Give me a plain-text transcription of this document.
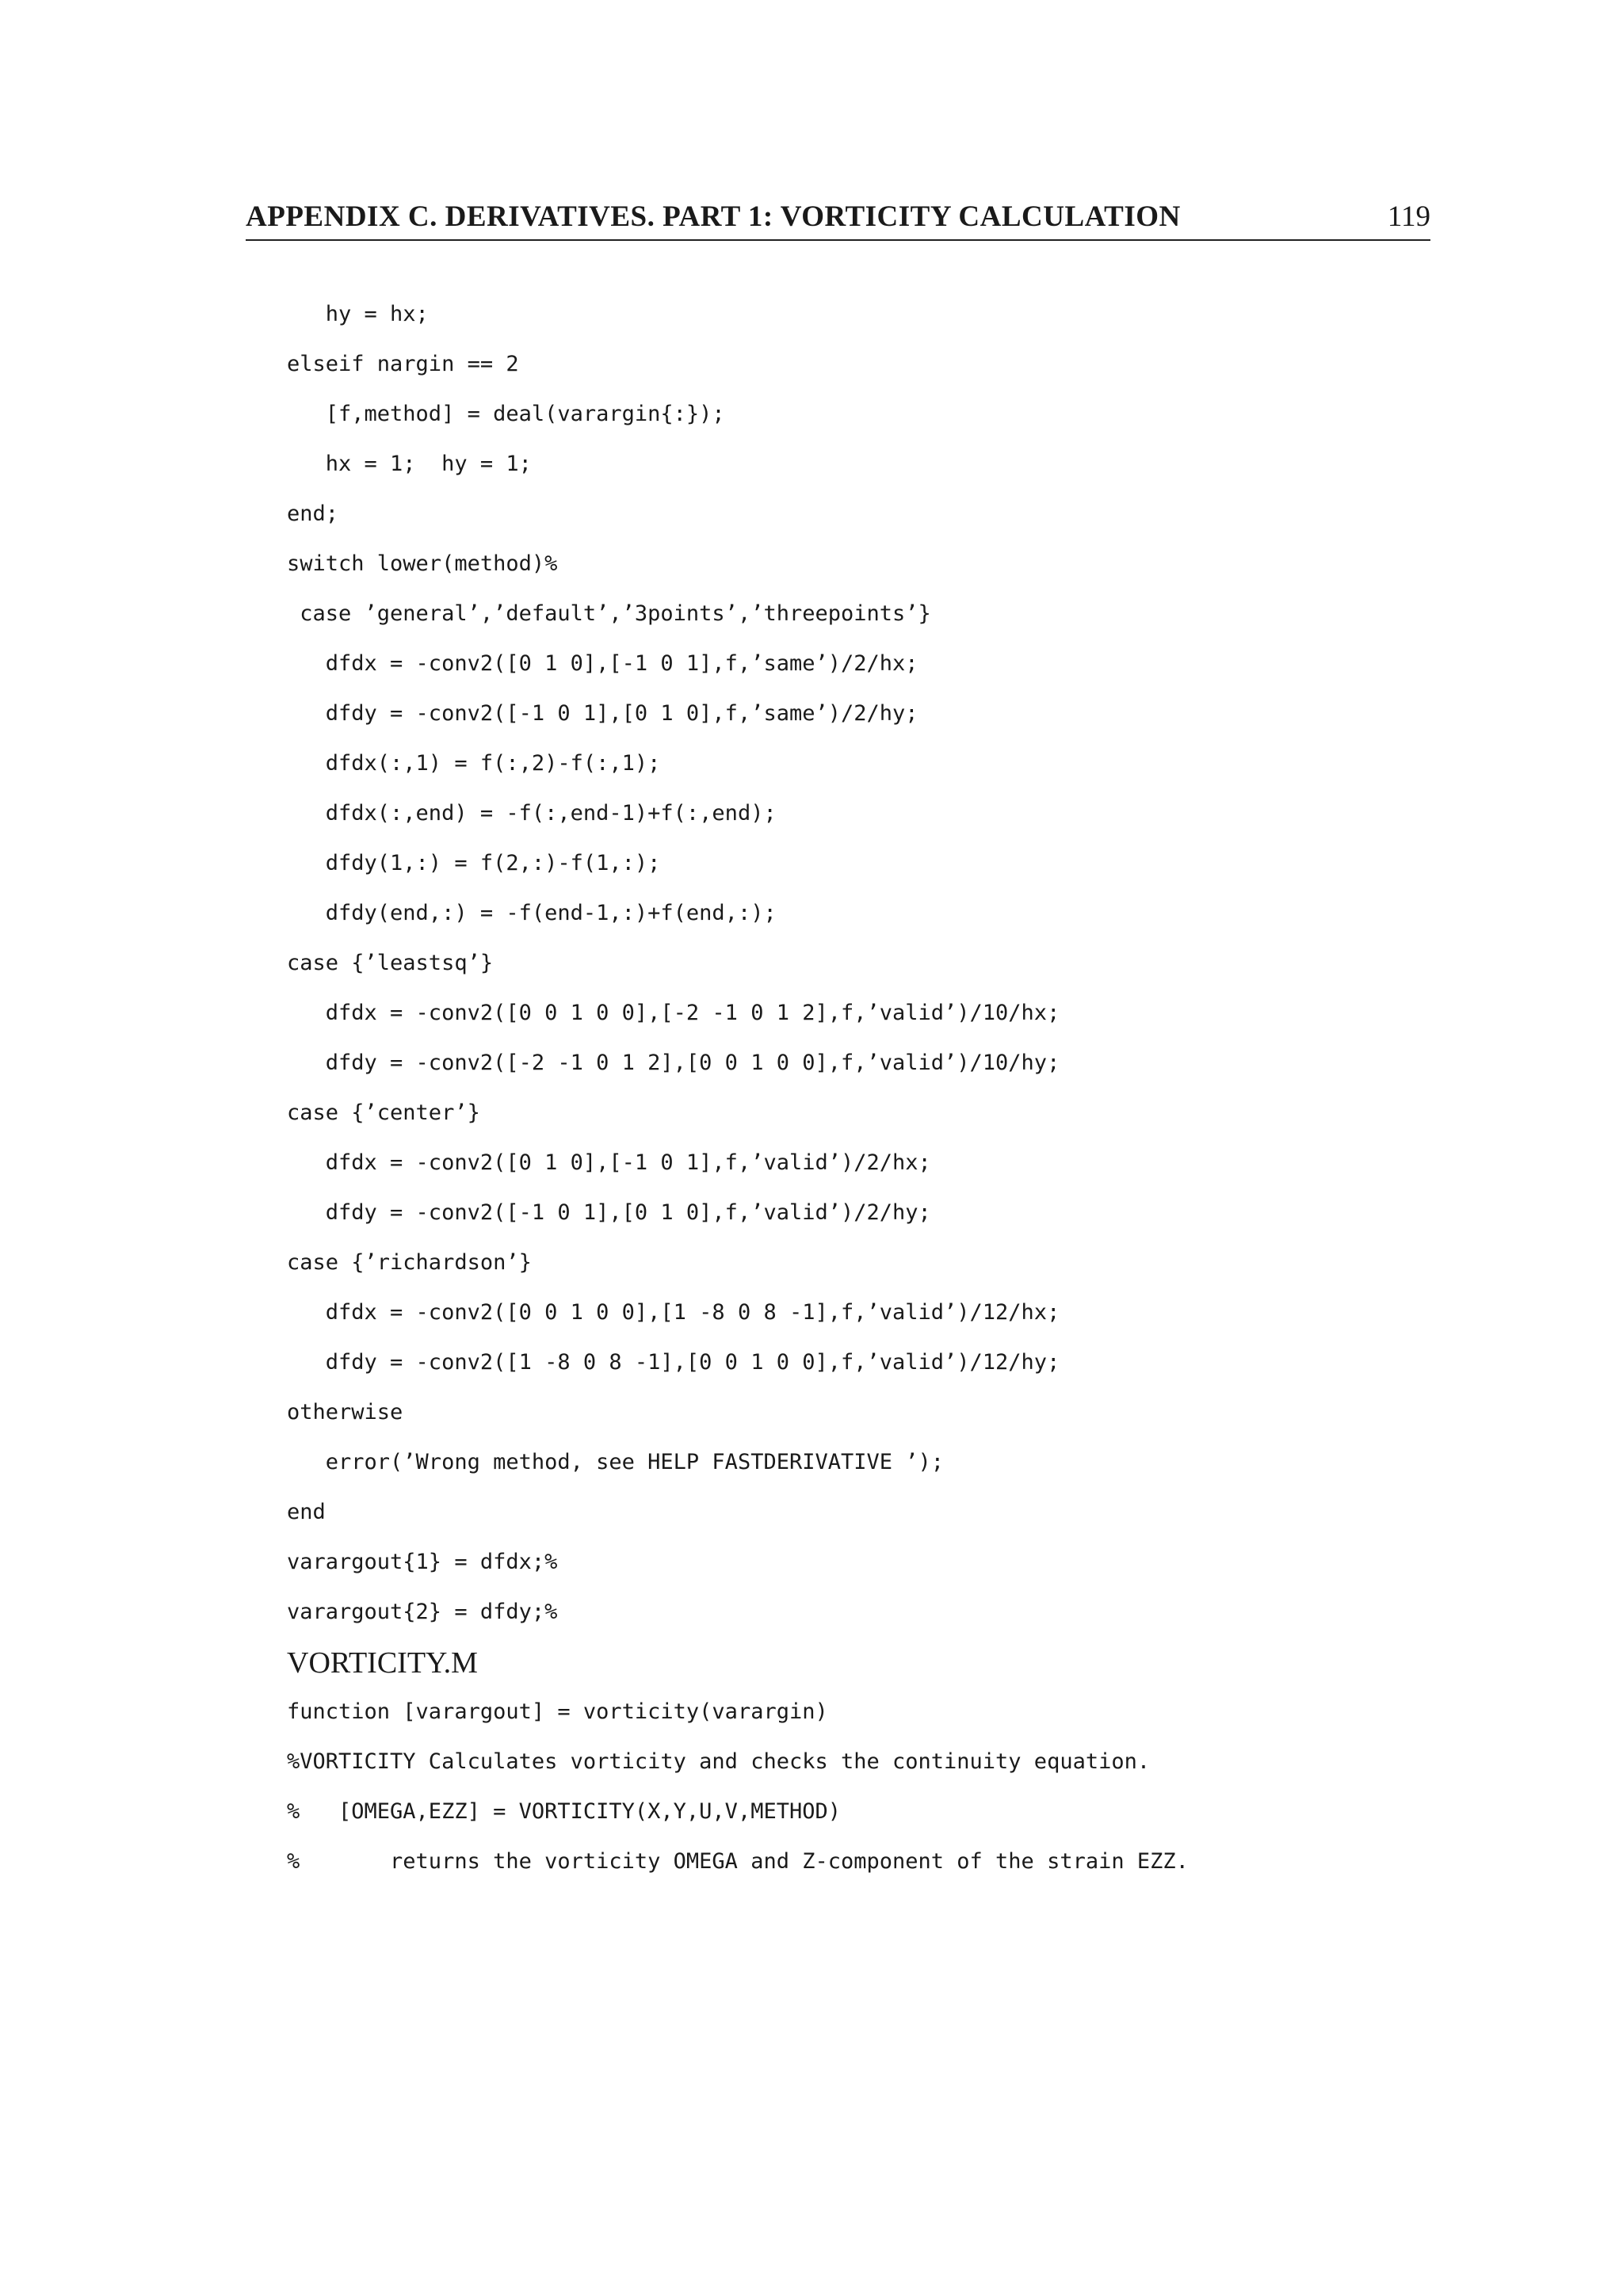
APPENDIX C. DERIVATIVES. PART 1: VORTICITY CALCULATION	119
hy = hx;
elseif nargin == 2
[f,method] = deal(varargin{:});
hx = 1;  hy = 1;
end;
switch lower(method)%
case ’general’,’default’,’3points’,’threepoints’}
dfdx = -conv2([0 1 0],[-1 0 1],f,’same’)/2/hx;
dfdy = -conv2([-1 0 1],[0 1 0],f,’same’)/2/hy;
dfdx(:,1) = f(:,2)-f(:,1);
dfdx(:,end) = -f(:,end-1)+f(:,end);
dfdy(1,:) = f(2,:)-f(1,:);
dfdy(end,:) = -f(end-1,:)+f(end,:);
case {’leastsq’}
dfdx = -conv2([0 0 1 0 0],[-2 -1 0 1 2],f,’valid’)/10/hx;
dfdy = -conv2([-2 -1 0 1 2],[0 0 1 0 0],f,’valid’)/10/hy;
case {’center’}
dfdx = -conv2([0 1 0],[-1 0 1],f,’valid’)/2/hx;
dfdy = -conv2([-1 0 1],[0 1 0],f,’valid’)/2/hy;
case {’richardson’}
dfdx = -conv2([0 0 1 0 0],[1 -8 0 8 -1],f,’valid’)/12/hx;
dfdy = -conv2([1 -8 0 8 -1],[0 0 1 0 0],f,’valid’)/12/hy;
otherwise
error(’Wrong method, see HELP FASTDERIVATIVE ’);
end
varargout{1} = dfdx;%
varargout{2} = dfdy;%
VORTICITY.M
function [varargout] = vorticity(varargin)
%VORTICITY Calculates vorticity and checks the continuity equation.
%   [OMEGA,EZZ] = VORTICITY(X,Y,U,V,METHOD)
%       returns the vorticity OMEGA and Z-component of the strain EZZ.
